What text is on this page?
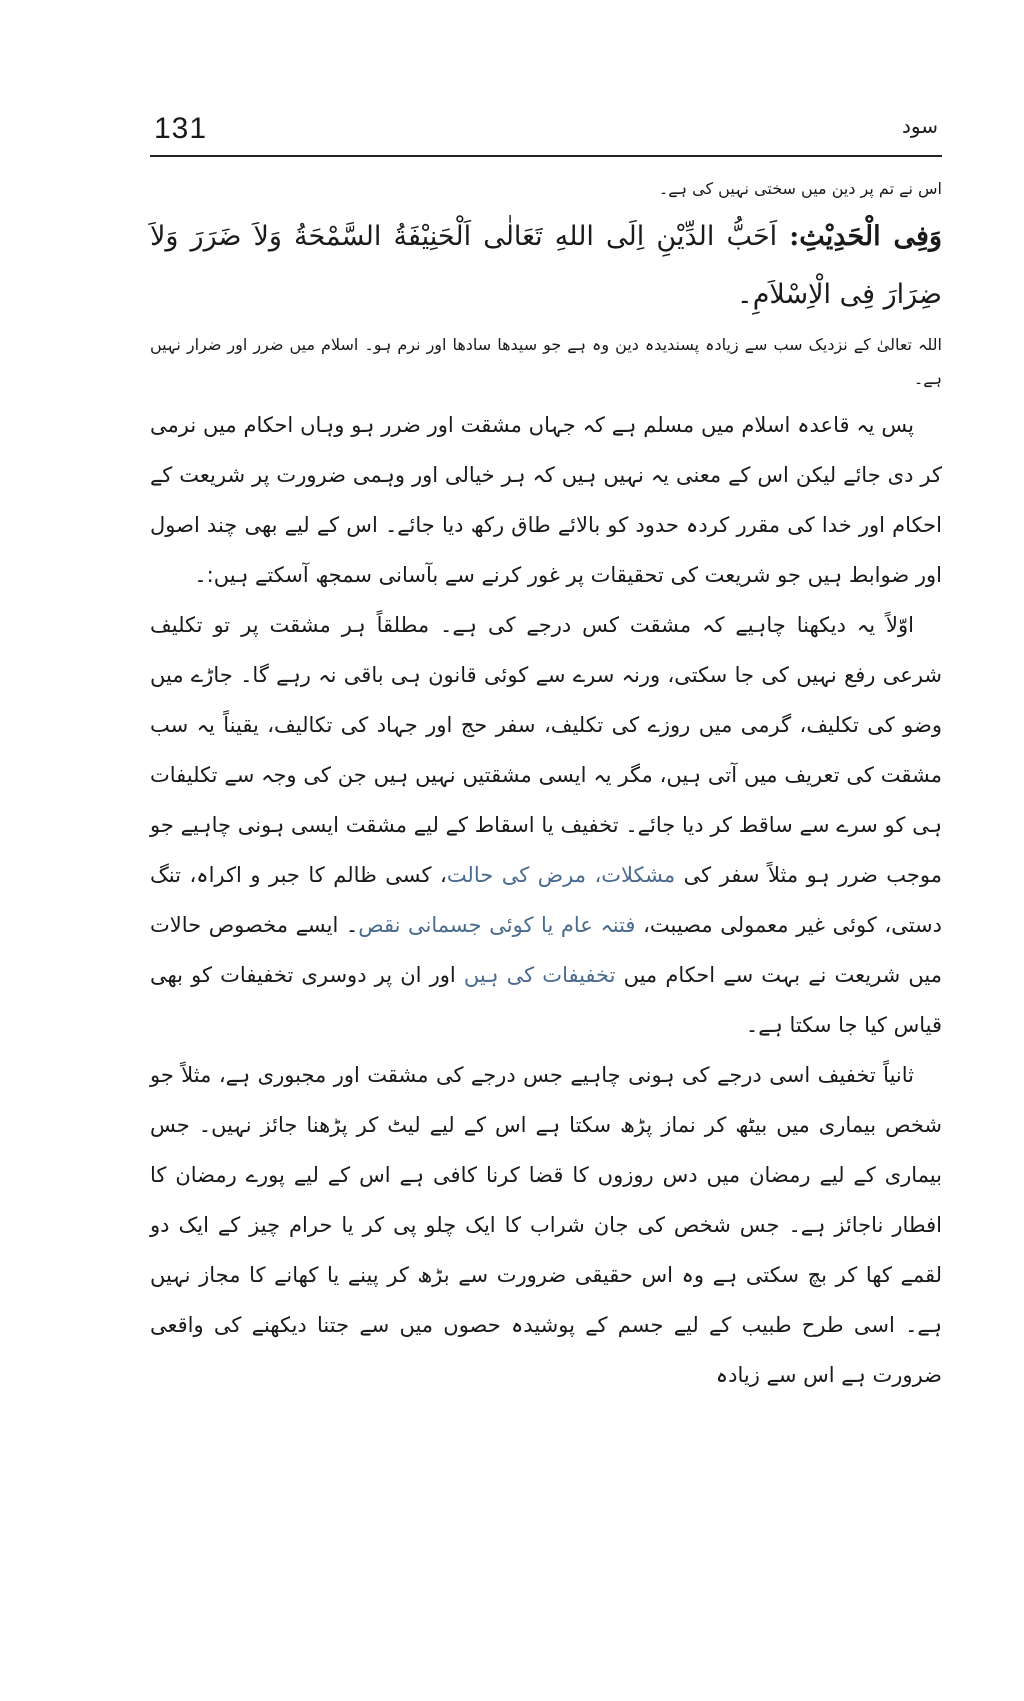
131	سود

اس نے تم پر دین میں سختی نہیں کی ہے۔

وَفِی الْحَدِیْثِ: اَحَبُّ الدِّیْنِ اِلَی اللهِ تَعَالٰی اَلْحَنِیْفَةُ السَّمْحَةُ وَلاَ ضَرَرَ وَلاَ ضِرَارَ فِی الْاِسْلاَمِ۔

اللہ تعالیٰ کے نزدیک سب سے زیادہ پسندیدہ دین وہ ہے جو سیدھا سادھا اور نرم ہو۔ اسلام میں ضرر اور ضرار نہیں ہے۔

پس یہ قاعدہ اسلام میں مسلم ہے کہ جہاں مشقت اور ضرر ہو وہاں احکام میں نرمی کر دی جائے لیکن اس کے معنی یہ نہیں ہیں کہ ہر خیالی اور وہمی ضرورت پر شریعت کے احکام اور خدا کی مقرر کردہ حدود کو بالائے طاق رکھ دیا جائے۔ اس کے لیے بھی چند اصول اور ضوابط ہیں جو شریعت کی تحقیقات پر غور کرنے سے بآسانی سمجھ آسکتے ہیں:۔

اوّلاً یہ دیکھنا چاہیے کہ مشقت کس درجے کی ہے۔ مطلقاً ہر مشقت پر تو تکلیف شرعی رفع نہیں کی جا سکتی، ورنہ سرے سے کوئی قانون ہی باقی نہ رہے گا۔ جاڑے میں وضو کی تکلیف، گرمی میں روزے کی تکلیف، سفر حج اور جہاد کی تکالیف، یقیناً یہ سب مشقت کی تعریف میں آتی ہیں، مگر یہ ایسی مشقتیں نہیں ہیں جن کی وجہ سے تکلیفات ہی کو سرے سے ساقط کر دیا جائے۔ تخفیف یا اسقاط کے لیے مشقت ایسی ہونی چاہیے جو موجب ضرر ہو مثلاً سفر کی مشکلات، مرض کی حالت، کسی ظالم کا جبر و اکراہ، تنگ دستی، کوئی غیر معمولی مصیبت، فتنہ عام یا کوئی جسمانی نقص۔ ایسے مخصوص حالات میں شریعت نے بہت سے احکام میں تخفیفات کی ہیں اور ان پر دوسری تخفیفات کو بھی قیاس کیا جا سکتا ہے۔

ثانیاً تخفیف اسی درجے کی ہونی چاہیے جس درجے کی مشقت اور مجبوری ہے، مثلاً جو شخص بیماری میں بیٹھ کر نماز پڑھ سکتا ہے اس کے لیے لیٹ کر پڑھنا جائز نہیں۔ جس بیماری کے لیے رمضان میں دس روزوں کا قضا کرنا کافی ہے اس کے لیے پورے رمضان کا افطار ناجائز ہے۔ جس شخص کی جان شراب کا ایک چلو پی کر یا حرام چیز کے ایک دو لقمے کھا کر بچ سکتی ہے وہ اس حقیقی ضرورت سے بڑھ کر پینے یا کھانے کا مجاز نہیں ہے۔ اسی طرح طبیب کے لیے جسم کے پوشیدہ حصوں میں سے جتنا دیکھنے کی واقعی ضرورت ہے اس سے زیادہ
